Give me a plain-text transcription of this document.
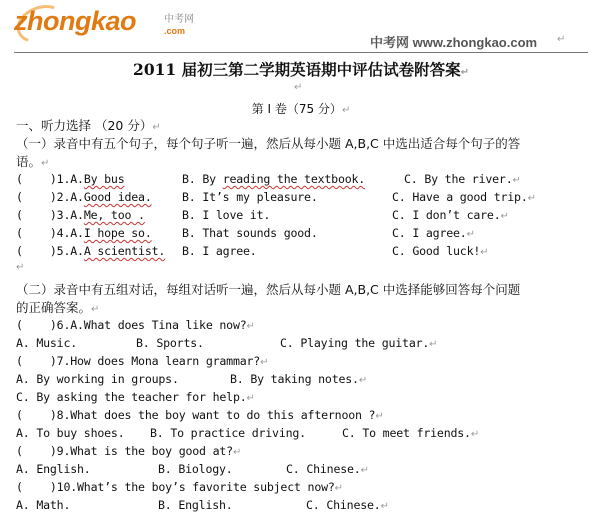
zhongkao	中考网
.com
中考网 www.zhongkao.com ↵
2011 届初三第二学期英语期中评估试卷附答案↵
↵
第 I 卷（75 分）↵
一、听力选择 （20 分）↵
（一）录音中有五个句子，每个句子听一遍，然后从每小题 A,B,C 中选出适合每个句子的答
语。↵
(    )1.A.By bus	B. By reading the textbook.	C. By the river.↵
(    )2.A.Good idea.	B. It’s my pleasure.	C. Have a good trip.↵
(    )3.A.Me, too .	B. I love it.	C. I don’t care.↵
(    )4.A.I hope so.	B. That sounds good.	C. I agree.↵
(    )5.A.A scientist. B. I agree.	C. Good luck!↵
↵
（二）录音中有五组对话，每组对话听一遍，然后从每小题 A,B,C 中选择能够回答每个问题
的正确答案。↵
(    )6.A.What does Tina like now?↵
A. Music.	B. Sports.	C. Playing the guitar.↵
(    )7.How does Mona learn grammar?↵
A. By working in groups.	B. By taking notes.↵
C. By asking the teacher for help.↵
(    )8.What does the boy want to do this afternoon ?↵
A. To buy shoes. B. To practice driving.	C. To meet friends.↵
(    )9.What is the boy good at?↵
A. English.	B. Biology.	C. Chinese.↵
(    )10.What’s the boy’s favorite subject now?↵
A. Math.	B. English.	C. Chinese.↵
